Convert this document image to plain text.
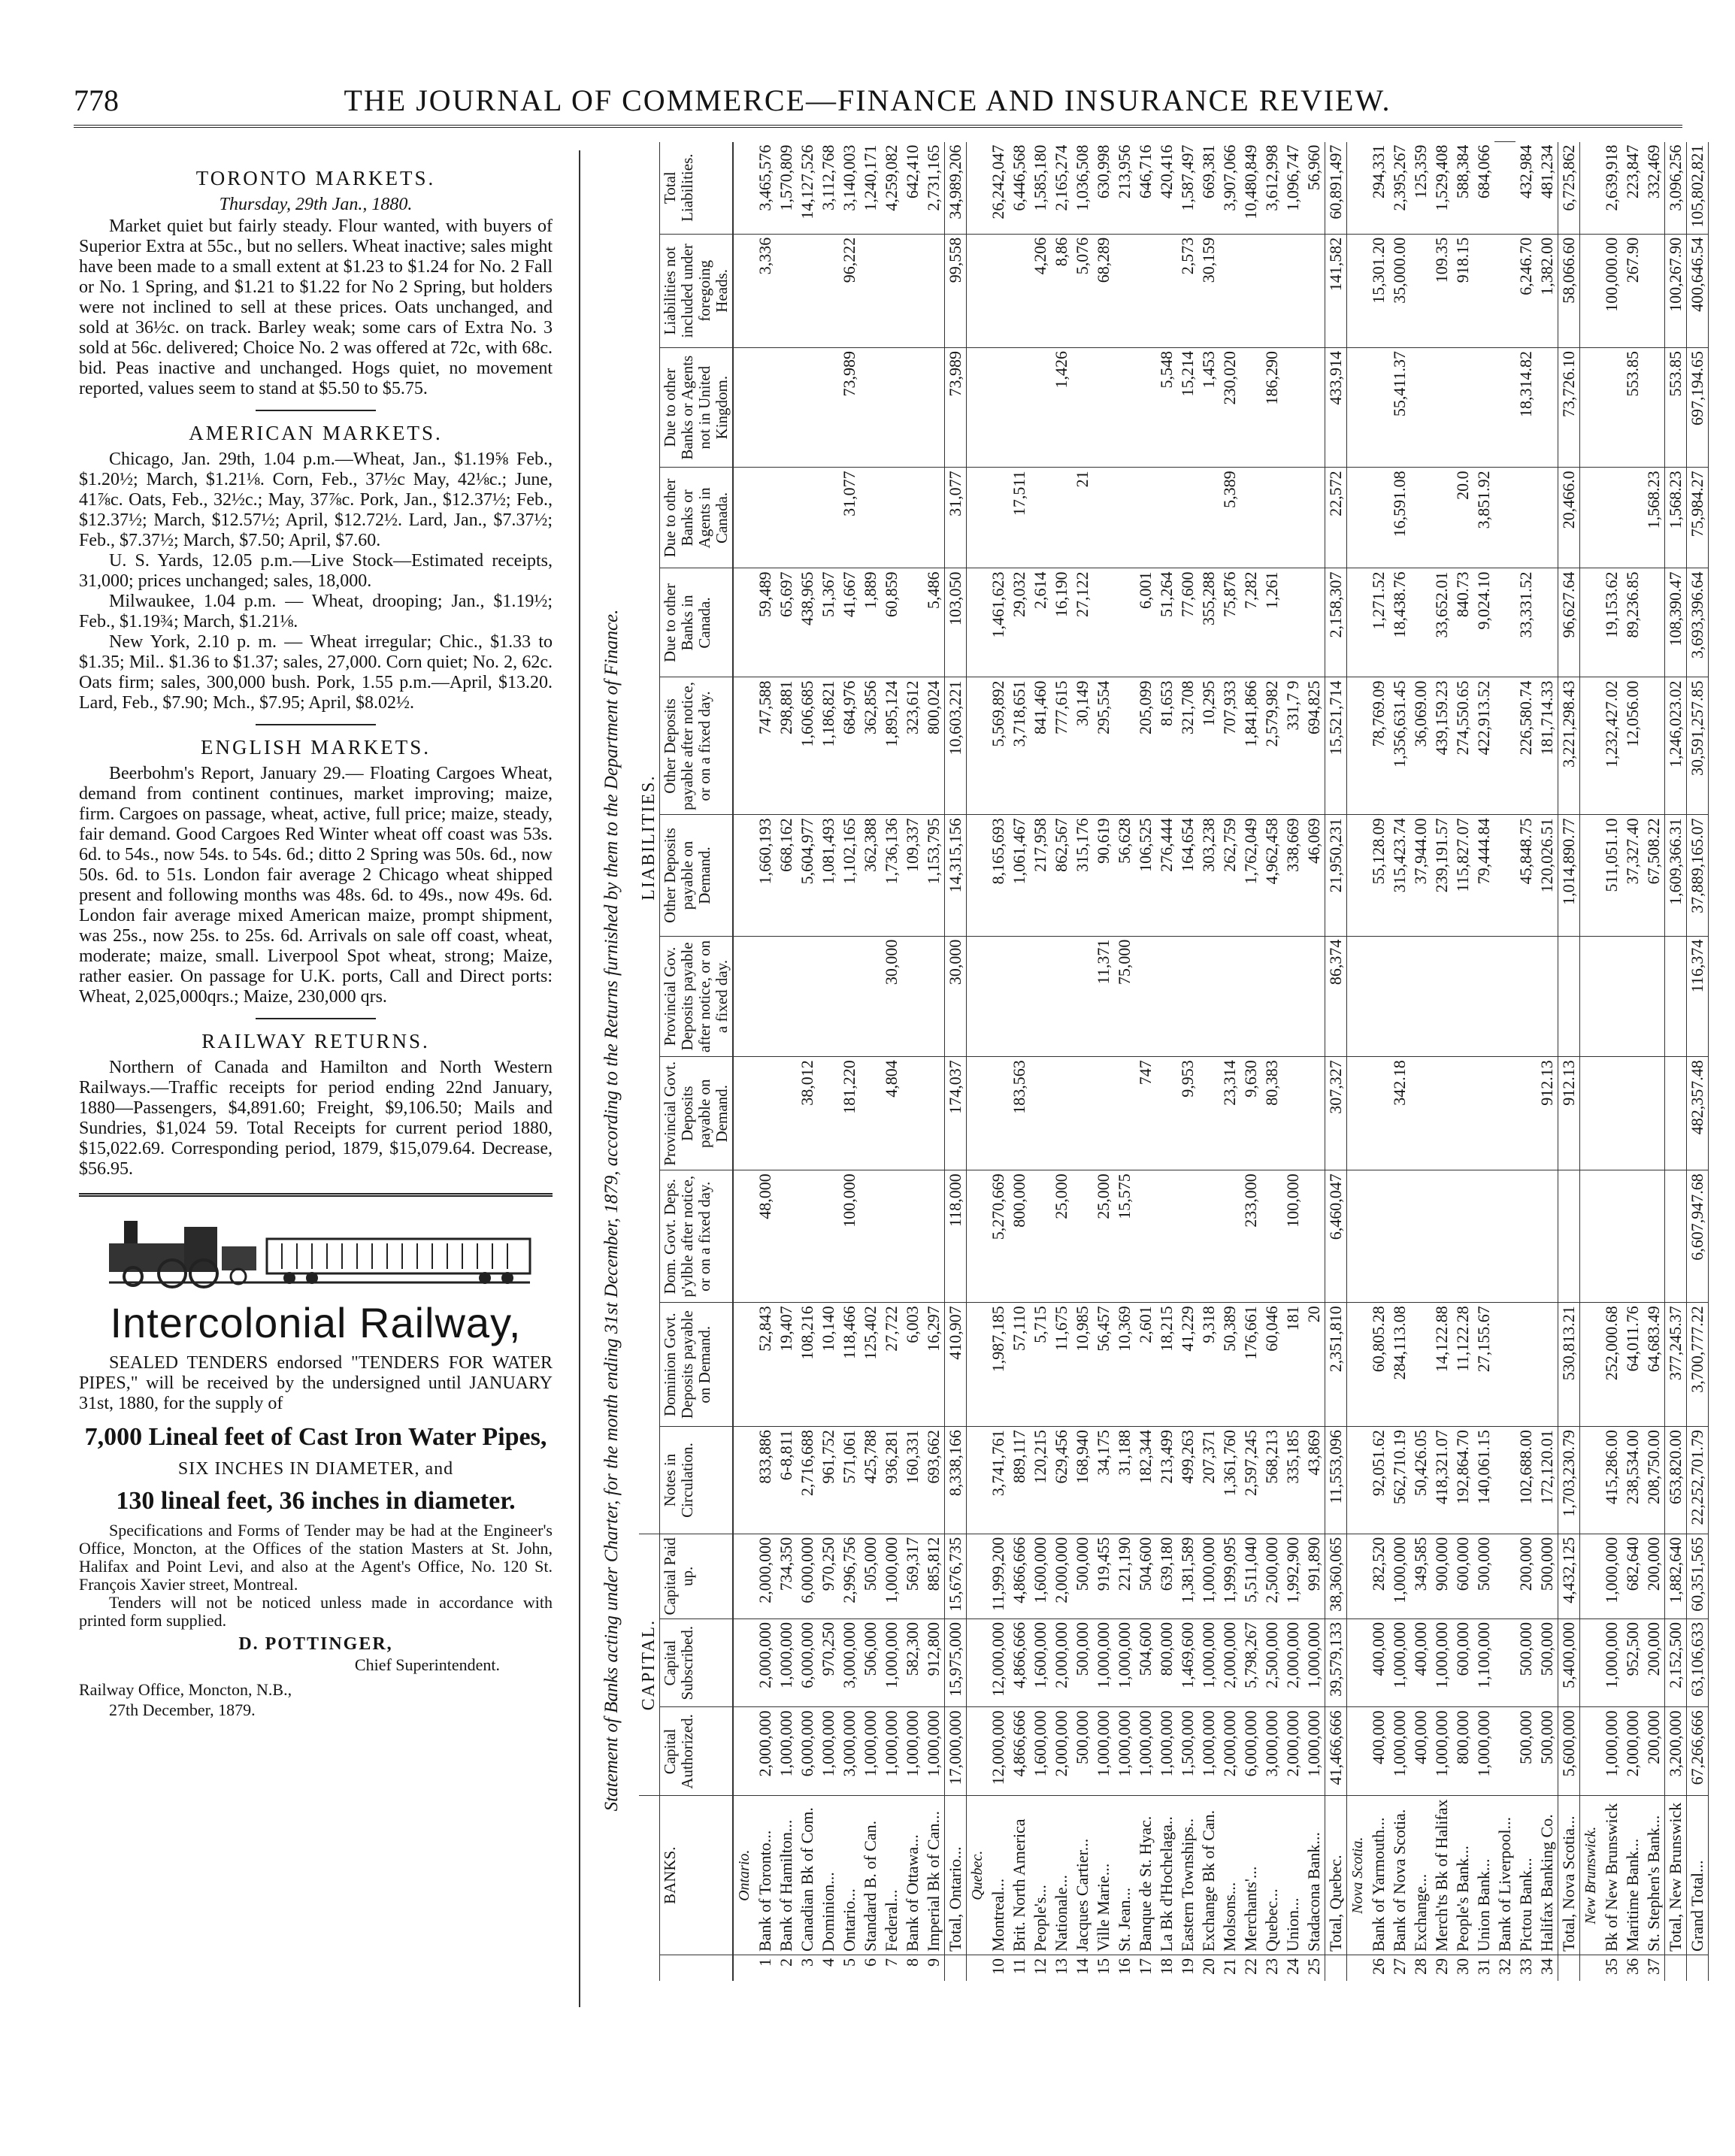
778	THE JOURNAL OF COMMERCE—FINANCE AND INSURANCE REVIEW.

TORONTO MARKETS.

Thursday, 29th Jan., 1880.

Market quiet but fairly steady. Flour wanted, with buyers of Superior Extra at 55c., but no sellers. Wheat inactive; sales might have been made to a small extent at $1.23 to $1.24 for No. 2 Fall or No. 1 Spring, and $1.21 to $1.22 for No 2 Spring, but holders were not inclined to sell at these prices. Oats unchanged, and sold at 36½c. on track. Barley weak; some cars of Extra No. 3 sold at 56c. delivered; Choice No. 2 was offered at 72c, with 68c. bid. Peas inactive and unchanged. Hogs quiet, no movement reported, values seem to stand at $5.50 to $5.75.

AMERICAN MARKETS.

Chicago, Jan. 29th, 1.04 p.m.—Wheat, Jan., $1.19⅝ Feb., $1.20½; March, $1.21⅛. Corn, Feb., 37½c May, 42⅛c.; June, 41⅞c. Oats, Feb., 32½c.; May, 37⅞c. Pork, Jan., $12.37½; Feb., $12.37½; March, $12.57½; April, $12.72½. Lard, Jan., $7.37½; Feb., $7.37½; March, $7.50; April, $7.60.

U. S. Yards, 12.05 p.m.—Live Stock—Estimated receipts, 31,000; prices unchanged; sales, 18,000.

Milwaukee, 1.04 p.m. — Wheat, drooping; Jan., $1.19½; Feb., $1.19¾; March, $1.21⅛.

New York, 2.10 p. m. — Wheat irregular; Chic., $1.33 to $1.35; Mil.. $1.36 to $1.37; sales, 27,000. Corn quiet; No. 2, 62c. Oats firm; sales, 300,000 bush. Pork, 1.55 p.m.—April, $13.20. Lard, Feb., $7.90; Mch., $7.95; April, $8.02½.

ENGLISH MARKETS.

Beerbohm's Report, January 29.— Floating Cargoes Wheat, demand from continent continues, market improving; maize, firm. Cargoes on passage, wheat, active, full price; maize, steady, fair demand. Good Cargoes Red Winter wheat off coast was 53s. 6d. to 54s., now 54s. to 54s. 6d.; ditto 2 Spring was 50s. 6d., now 50s. 6d. to 51s. London fair average 2 Chicago wheat shipped present and following months was 48s. 6d. to 49s., now 49s. 6d. London fair average mixed American maize, prompt shipment, was 25s., now 25s. to 25s. 6d. Arrivals on sale off coast, wheat, moderate; maize, small. Liverpool Spot wheat, strong; Maize, rather easier. On passage for U.K. ports, Call and Direct ports: Wheat, 2,025,000qrs.; Maize, 230,000 qrs.

RAILWAY RETURNS.

Northern of Canada and Hamilton and North Western Railways.—Traffic receipts for period ending 22nd January, 1880—Passengers, $4,891.60; Freight, $9,106.50; Mails and Sundries, $1,024 59. Total Receipts for current period 1880, $15,022.69. Corresponding period, 1879, $15,079.64. Decrease, $56.95.

Intercolonial Railway,

SEALED TENDERS endorsed "TENDERS FOR WATER PIPES," will be received by the undersigned until JANUARY 31st, 1880, for the supply of

7,000 Lineal feet of Cast Iron Water Pipes,

SIX INCHES IN DIAMETER, and

130 lineal feet, 36 inches in diameter.

Specifications and Forms of Tender may be had at the Engineer's Office, Moncton, at the Offices of the station Masters at St. John, Halifax and Point Levi, and also at the Agent's Office, No. 120 St. François Xavier street, Montreal.

Tenders will not be noticed unless made in accordance with printed form supplied.

D. POTTINGER,

Chief Superintendent.

Railway Office, Moncton, N.B.,

27th December, 1879.	Statement of Banks acting under Charter, for the month ending 31st December, 1879, according to the Returns furnished by them to the Department of Finance.
		CAPITAL.			LIABILITIES.												
	BANKS.	Capital Authorized.	Capital Subscribed.	Capital Paid up.	Notes in Circulation.	Dominion Govt. Deposits payable on Demand.	Dom. Govt. Deps. p'ylble after notice, or on a fixed day.	Provincial Govt. Deposits payable on Demand.	Provincial Gov. Deposits payable after notice, or on a fixed day.	Other Deposits payable on Demand.	Other Deposits payable after notice, or on a fixed day.	Due to other Banks in Canada.	Due to other Banks or Agents in Canada.	Due to other Banks or Agents not in United Kingdom.	Liabilities not included under foregoing Heads.	Total Liabilities.	
	Ontario.																
1	Bank of Toronto...	2,000,000	2,000,000	2,000,000	833,886	52,843	48,000			1,660,193	747,588	59,489			3,336	3,465,576	
2	Bank of Hamilton...	1,000,000	1,000,000	734,350	6-8,811	19,407				668,162	298,881	65,697				1,570,809	
3	Canadian Bk of Com.	6,000,000	6,000,000	6,000,000	2,716,688	108,216		38,012		5,604,977	1,606,685	438,965				14,127,526	
4	Dominion...	1,000,000	970,250	970,250	961,752	10,140				1,081,493	1,186,821	51,367				3,112,768	
5	Ontario...	3,000,000	3,000,000	2,996,756	571,061	118,466	100,000	181,220		1,102,165	684,976	41,667	31,077	73,989	96,222	3,140,003	
6	Standard B. of Can.	1,000,000	506,000	505,000	425,788	125,402				362,388	362,856	1,889				1,240,171	
7	Federal...	1,000,000	1,000,000	1,000,000	936,281	27,722		4,804	30,000	1,736,136	1,895,124	60,859				4,259,082	
8	Bank of Ottawa...	1,000,000	582,300	569,317	160,331	6,003				109,337	323,612					642,410	
9	Imperial Bk of Can...	1,000,000	912,800	885,812	693,662	16,297				1,153,795	800,024	5,486				2,731,165	
	Total, Ontario...	17,000,000	15,975,000	15,676,735	8,338,166	410,907	118,000	174,037	30,000	14,315,156	10,603,221	103,050	31,077	73,989	99,558	34,989,206	
	Quebec.																
10	Montreal...	12,000,000	12,000,000	11,999,200	3,741,761	1,987,185	5,270,669			8,165,693	5,569,892	1,461,623				26,242,047	
11	Brit. North America	4,866,666	4,866,666	4,866,666	889,117	57,110	800,000	183,563		1,061,467	3,718,651	29,032	17,511			6,446,568	
12	People's...	1,600,000	1,600,000	1,600,000	120,215	5,715				217,958	841,460	2,614			4,206	1,585,180	
13	Nationale...	2,000,000	2,000,000	2,000,000	629,456	11,675	25,000			862,567	777,615	16,190		1,426	8,86	2,165,274	
14	Jacques Cartier...	500,000	500,000	500,000	168,940	10,985				315,176	30,149	27,122	21		5,076	1,036,508	
15	Ville Marie...	1,000,000	1,000,000	919,455	34,175	56,457	25,000		11,371	90,619	295,554				68,289	630,998	
16	St. Jean...	1,000,000	1,000,000	221,190	31,188	10,369	15,575		75,000	56,628						213,956	
17	Banque de St. Hyac.	1,000,000	504,600	504,600	182,344	2,601		747		106,525	205,099	6,001				646,716	
18	La Bk d'Hochelaga..	1,000,000	800,000	639,180	213,499	18,215				276,444	81,653	51,264		5,548		420,416	
19	Eastern Townships..	1,500,000	1,469,600	1,381,589	499,263	41,229		9,953		164,654	321,708	77,600		15,214	2,573	1,587,497	
20	Exchange Bk of Can.	1,000,000	1,000,000	1,000,000	207,371	9,318				303,238	10,295	355,288		1,453	30,159	669,381	
21	Molsons...	2,000,000	2,000,000	1,999,095	1,361,760	50,389		23,314		262,759	707,933	75,876	5,389	230,020		3,907,066	
22	Merchants'...	6,000,000	5,798,267	5,511,040	2,597,245	176,661	233,000	9,630		1,762,049	1,841,866	7,282				10,480,849	
23	Quebec...	3,000,000	2,500,000	2,500,000	568,213	60,046		80,383		4,962,458	2,579,982	1,261		186,290		3,612,998	
24	Union...	2,000,000	2,000,000	1,992,900	335,185	181	100,000			338,669	331,7 9					1,096,747	
25	Stadacona Bank...	1,000,000	1,000,000	991,890	43,869	20				46,069	694,825					56,960	
	Total, Quebec.	41,466,666	39,579,133	38,360,065	11,553,096	2,351,810	6,460,047	307,327	86,374	21,950,231	15,521,714	2,158,307	22,572	433,914	141,582	60,891,497	
	Nova Scotia.																
26	Bank of Yarmouth...	400,000	400,000	282,520	92,051.62	60,805.28				55,128.09	78,769.09	1,271.52			15,301.20	294,331	
27	Bank of Nova Scotia.	1,000,000	1,000,000	1,000,000	562,710.19	284,113.08		342.18		315,423.74	1,356,631.45	18,438.76	16,591.08	55,411.37	35,000.00	2,395,267	
28	Exchange...	400,000	400,000	349,585	50,426.05					37,944.00	36,069.00					125,359	
29	Merch'ts Bk of Halifax	1,000,000	1,000,000	900,000	418,321.07	14,122.88				239,191.57	439,159.23	33,652.01			109.35	1,529,408	
30	People's Bank...	800,000	600,000	600,000	192,864.70	11,122.28				115,827.07	274,550.65	840.73	20.0		918.15	588,384	
31	Union Bank...	1,000,000	1,100,000	500,000	140,061.15	27,155.67				79,444.84	422,913.52	9,024.10	3,851.92			684,066	
32	Bank of Liverpool...																
33	Pictou Bank...	500,000	500,000	200,000	102,688.00					45,848.75	226,580.74	33,331.52		18,314.82	6,246.70	432,984	
34	Halifax Banking Co.	500,000	500,000	500,000	172,120.01			912.13		120,026.51	181,714.33				1,382.00	481,234	
	Total, Nova Scotia...	5,600,000	5,400,000	4,432,125	1,703,230.79	530,813.21		912.13		1,014,890.77	3,221,298.43	96,627.64	20,466.0	73,726.10	58,066.60	6,725,862	
	New Brunswick.																
35	Bk of New Brunswick	1,000,000	1,000,000	1,000,000	415,286.00	252,000.68				511,051.10	1,232,427.02	19,153.62			100,000.00	2,639,918	
36	Maritime Bank...	2,000,000	952,500	682,640	238,534.00	64,011.76				37,327.40	12,056.00	89,236.85		553.85	267.90	223,847	
37	St. Stephen's Bank...	200,000	200,000	200,000	208,750.00	64,683.49				67,508.22			1,568.23			332,469	
	Total, New Brunswick	3,200,000	2,152,500	1,882,640	653,820.00	377,245.37				1,609,366.31	1,246,023.02	108,390.47	1,568.23	553.85	100,267.90	3,096,256	
	Grand Total...	67,266,666	63,106,633	60,351,565	22,252,701.79	3,700,777.22	6,607,947.68	482,357.48	116,374	37,889,165.07	30,591,257.85	3,693,396.64	75,984.27	697,194.65	400,646.54	105,802,821	
